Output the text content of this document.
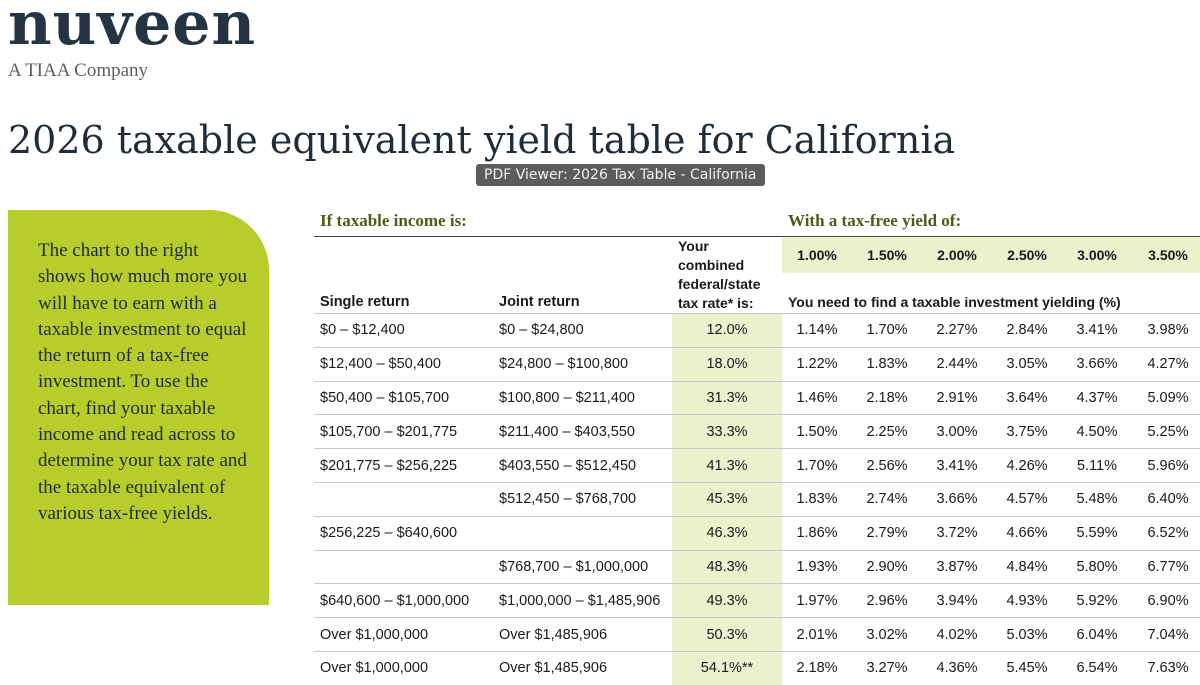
nuveen
A TIAA Company
2026 taxable equivalent yield table for California
PDF Viewer: 2026 Tax Table - California

The chart to the right shows how much more you will have to earn with a taxable investment to equal the return of a tax-free investment. To use the chart, find your taxable income and read across to determine your tax rate and the taxable equivalent of various tax-free yields.

If taxable income is:			With a tax-free yield of:					
		Your combined federal/state tax rate* is:	1.00%	1.50%	2.00%	2.50%	3.00%	3.50%
Single return	Joint return		You need to find a taxable investment yielding (%)					
$0 – $12,400	$0 – $24,800	12.0%	1.14%	1.70%	2.27%	2.84%	3.41%	3.98%
$12,400 – $50,400	$24,800 – $100,800	18.0%	1.22%	1.83%	2.44%	3.05%	3.66%	4.27%
$50,400 – $105,700	$100,800 – $211,400	31.3%	1.46%	2.18%	2.91%	3.64%	4.37%	5.09%
$105,700 – $201,775	$211,400 – $403,550	33.3%	1.50%	2.25%	3.00%	3.75%	4.50%	5.25%
$201,775 – $256,225	$403,550 – $512,450	41.3%	1.70%	2.56%	3.41%	4.26%	5.11%	5.96%
	$512,450 – $768,700	45.3%	1.83%	2.74%	3.66%	4.57%	5.48%	6.40%
$256,225 – $640,600		46.3%	1.86%	2.79%	3.72%	4.66%	5.59%	6.52%
	$768,700 – $1,000,000	48.3%	1.93%	2.90%	3.87%	4.84%	5.80%	6.77%
$640,600 – $1,000,000	$1,000,000 – $1,485,906	49.3%	1.97%	2.96%	3.94%	4.93%	5.92%	6.90%
Over $1,000,000	Over $1,485,906	50.3%	2.01%	3.02%	4.02%	5.03%	6.04%	7.04%
Over $1,000,000	Over $1,485,906	54.1%**	2.18%	3.27%	4.36%	5.45%	6.54%	7.63%
